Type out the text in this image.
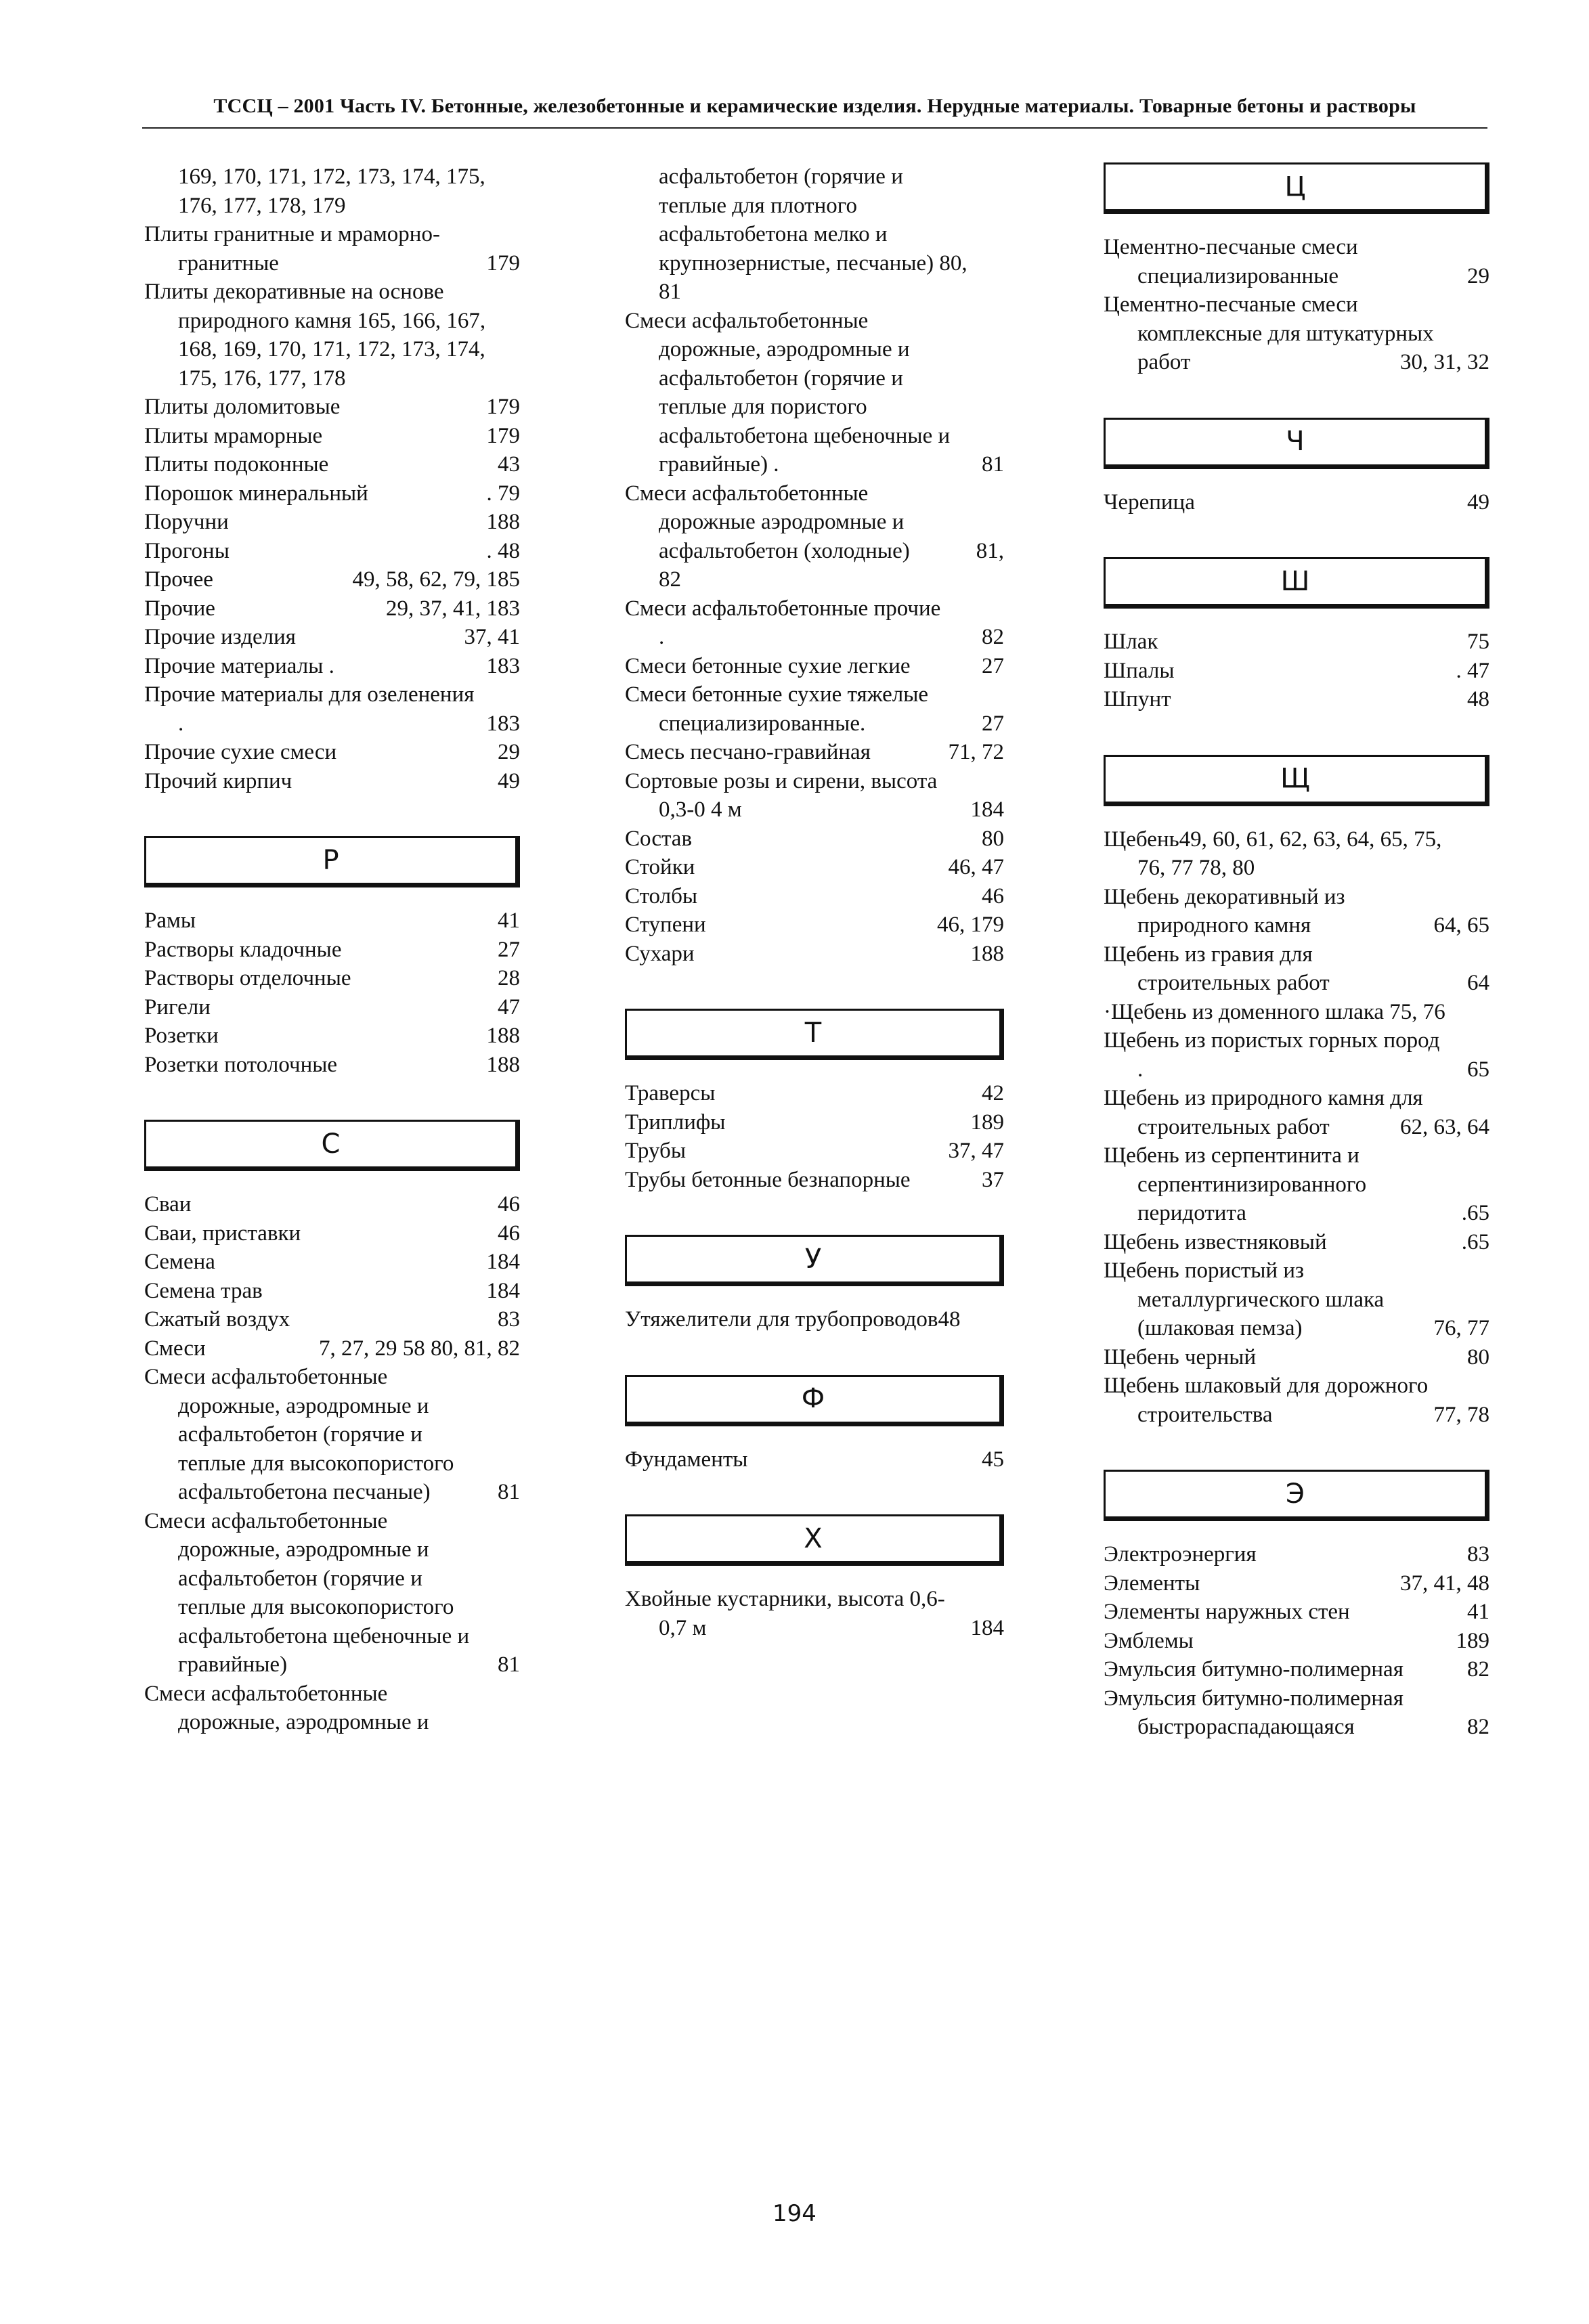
ТССЦ – 2001 Часть IV. Бетонные, железобетонные и керамические изделия. Нерудные материалы. Товарные бетоны и растворы
169, 170, 171, 172, 173, 174, 175,
176, 177, 178, 179
Плиты гранитные и мраморно-
гранитные	179
Плиты декоративные на основе
природного камня 165, 166, 167,
168, 169, 170, 171, 172, 173, 174,
175, 176, 177, 178
Плиты доломитовые	179
Плиты мраморные	179
Плиты подоконные	43
Порошок минеральный	. 79
Поручни	188
Прогоны	. 48
Прочее	49, 58, 62, 79, 185
Прочие	29, 37, 41, 183
Прочие изделия	37, 41
Прочие материалы .	183
Прочие материалы для озеленения
.	183
Прочие сухие смеси	29
Прочий кирпич	49
Р
Рамы	41
Растворы кладочные	27
Растворы отделочные	28
Ригели	47
Розетки	188
Розетки потолочные	188
С
Сваи	46
Сваи, приставки	46
Семена	184
Семена трав	184
Сжатый воздух	83
Смеси	7, 27, 29 58 80, 81, 82
Смеси асфальтобетонные
дорожные, аэродромные и
асфальтобетон (горячие и
теплые для высокопористого
асфальтобетона песчаные)	81
Смеси асфальтобетонные
дорожные, аэродромные и
асфальтобетон (горячие и
теплые для высокопористого
асфальтобетона щебеночные и
гравийные)	81
Смеси асфальтобетонные
дорожные, аэродромные и
асфальтобетон (горячие и
теплые для плотного
асфальтобетона мелко и
крупнозернистые, песчаные) 80,
81
Смеси асфальтобетонные
дорожные, аэродромные и
асфальтобетон (горячие и
теплые для пористого
асфальтобетона щебеночные и
гравийные) .	81
Смеси асфальтобетонные
дорожные аэродромные и
асфальтобетон (холодные)	81,
82
Смеси асфальтобетонные прочие
.	82
Смеси бетонные сухие легкие	27
Смеси бетонные сухие тяжелые
специализированные.	27
Смесь песчано-гравийная	71, 72
Сортовые розы и сирени, высота
0,3-0 4 м	184
Состав	80
Стойки	46, 47
Столбы	46
Ступени	46, 179
Сухари	188
Т
Траверсы	42
Триплифы	189
Трубы	37, 47
Трубы бетонные безнапорные	37
У
Утяжелители для трубопроводов48
Ф
Фундаменты	45
Х
Хвойные кустарники, высота 0,6-
0,7 м	184
Ц
Цементно-песчаные смеси
специализированные	29
Цементно-песчаные смеси
комплексные для штукатурных
работ	30, 31, 32
Ч
Черепица	49
Ш
Шлак	75
Шпалы	. 47
Шпунт	48
Щ
Щебень49, 60, 61, 62, 63, 64, 65, 75,
76, 77 78, 80
Щебень декоративный из
природного камня	64, 65
Щебень из гравия для
строительных работ	64
·Щебень из доменного шлака 75, 76
Щебень из пористых горных пород
.	65
Щебень из природного камня для
строительных работ	62, 63, 64
Щебень из серпентинита и
серпентинизированного
перидотита	.65
Щебень известняковый	.65
Щебень пористый из
металлургического шлака
(шлаковая пемза)	76, 77
Щебень черный	80
Щебень шлаковый для дорожного
строительства	77, 78
Э
Электроэнергия	83
Элементы	37, 41, 48
Элементы наружных стен	41
Эмблемы	189
Эмульсия битумно-полимерная	82
Эмульсия битумно-полимерная
быстрораспадающаяся	82
194
